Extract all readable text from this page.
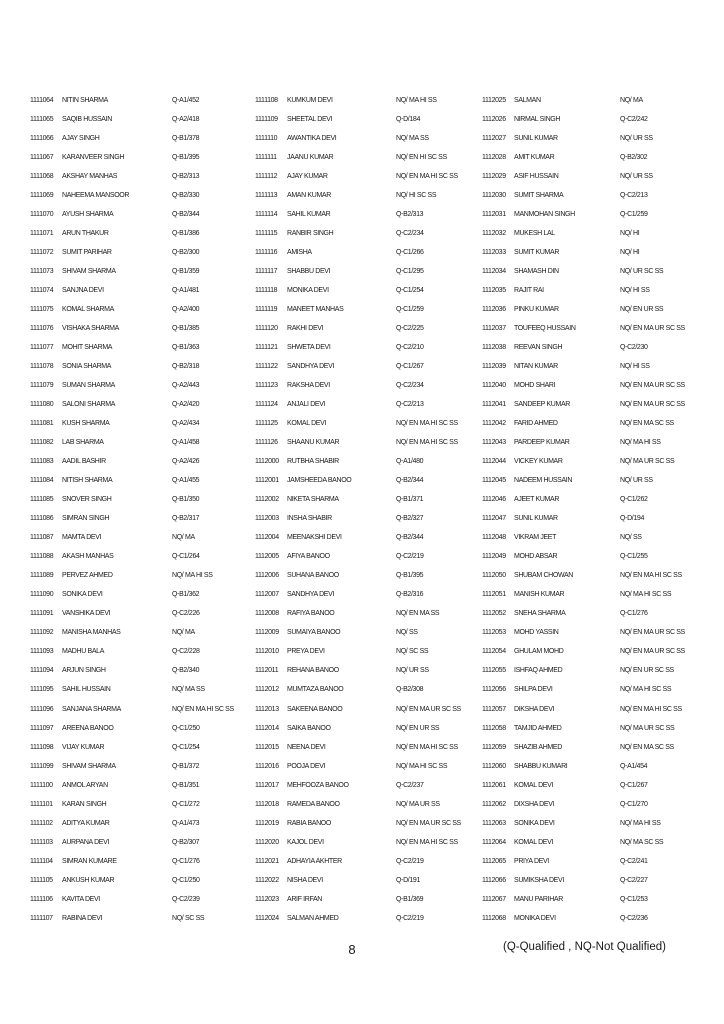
1111064	NITIN SHARMA	Q-A1/452
1111065	SAQIB HUSSAIN	Q-A2/418
1111066	AJAY SINGH	Q-B1/378
1111067	KARANVEER SINGH	Q-B1/395
1111068	AKSHAY MANHAS	Q-B2/313
1111069	NAHEEMA MANSOOR	Q-B2/330
1111070	AYUSH SHARMA	Q-B2/344
1111071	ARUN THAKUR	Q-B1/386
1111072	SUMIT PARIHAR	Q-B2/300
1111073	SHIVAM SHARMA	Q-B1/359
1111074	SANJNA DEVI	Q-A1/481
1111075	KOMAL SHARMA	Q-A2/400
1111076	VISHAKA SHARMA	Q-B1/385
1111077	MOHIT SHARMA	Q-B1/363
1111078	SONIA SHARMA	Q-B2/318
1111079	SUMAN SHARMA	Q-A2/443
1111080	SALONI SHARMA	Q-A2/420
1111081	KUSH SHARMA	Q-A2/434
1111082	LAB SHARMA	Q-A1/458
1111083	AADIL BASHIR	Q-A2/426
1111084	NITISH SHARMA	Q-A1/455
1111085	SNOVER SINGH	Q-B1/350
1111086	SIMRAN SINGH	Q-B2/317
1111087	MAMTA DEVI	NQ/ MA
1111088	AKASH MANHAS	Q-C1/264
1111089	PERVEZ AHMED	NQ/ MA HI SS
1111090	SONIKA DEVI	Q-B1/362
1111091	VANSHIKA DEVI	Q-C2/226
1111092	MANISHA MANHAS	NQ/ MA
1111093	MADHU BALA	Q-C2/228
1111094	ARJUN SINGH	Q-B2/340
1111095	SAHIL HUSSAIN	NQ/ MA SS
1111096	SANJANA SHARMA	NQ/ EN MA HI SC SS
1111097	AREENA BANOO	Q-C1/250
1111098	VIJAY KUMAR	Q-C1/254
1111099	SHIVAM SHARMA	Q-B1/372
1111100	ANMOL ARYAN	Q-B1/351
1111101	KARAN SINGH	Q-C1/272
1111102	ADITYA KUMAR	Q-A1/473
1111103	AURPANA DEVI	Q-B2/307
1111104	SIMRAN KUMARE	Q-C1/276
1111105	ANKUSH KUMAR	Q-C1/250
1111106	KAVITA DEVI	Q-C2/239
1111107	RABINA DEVI	NQ/ SC SS
1111108	KUMKUM DEVI	NQ/ MA HI SS
1111109	SHEETAL DEVI	Q-D/184
1111110	AWANTIKA DEVI	NQ/ MA SS
1111111	JAANU KUMAR	NQ/ EN HI SC SS
1111112	AJAY KUMAR	NQ/ EN MA HI SC SS
1111113	AMAN KUMAR	NQ/ HI SC SS
1111114	SAHIL KUMAR	Q-B2/313
1111115	RANBIR SINGH	Q-C2/234
1111116	AMISHA	Q-C1/266
1111117	SHABBU DEVI	Q-C1/295
1111118	MONIKA DEVI	Q-C1/254
1111119	MANEET MANHAS	Q-C1/259
1111120	RAKHI DEVI	Q-C2/225
1111121	SHWETA DEVI	Q-C2/210
1111122	SANDHYA DEVI	Q-C1/267
1111123	RAKSHA DEVI	Q-C2/234
1111124	ANJALI DEVI	Q-C2/213
1111125	KOMAL DEVI	NQ/ EN MA HI SC SS
1111126	SHAANU KUMAR	NQ/ EN MA HI SC SS
1112000	RUTBHA SHABIR	Q-A1/480
1112001	JAMSHEEDA BANOO	Q-B2/344
1112002	NIKETA SHARMA	Q-B1/371
1112003	INSHA SHABIR	Q-B2/327
1112004	MEENAKSHI DEVI	Q-B2/344
1112005	AFIYA BANOO	Q-C2/219
1112006	SUHANA BANOO	Q-B1/395
1112007	SANDHYA DEVI	Q-B2/316
1112008	RAFIYA BANOO	NQ/ EN MA SS
1112009	SUMAIYA BANOO	NQ/ SS
1112010	PREYA DEVI	NQ/ SC SS
1112011	REHANA BANOO	NQ/ UR SS
1112012	MUMTAZA BANOO	Q-B2/308
1112013	SAKEENA BANOO	NQ/ EN MA UR SC SS
1112014	SAIKA BANOO	NQ/ EN UR SS
1112015	NEENA DEVI	NQ/ EN MA HI SC SS
1112016	POOJA DEVI	NQ/ MA HI SC SS
1112017	MEHFOOZA BANOO	Q-C2/237
1112018	RAMEDA BANOO	NQ/ MA UR SS
1112019	RABIA BANOO	NQ/ EN MA UR SC SS
1112020	KAJOL DEVI	NQ/ EN MA HI SC SS
1112021	ADHAYIA AKHTER	Q-C2/219
1112022	NISHA DEVI	Q-D/191
1112023	ARIF IRFAN	Q-B1/369
1112024	SALMAN AHMED	Q-C2/219
1112025	SALMAN	NQ/ MA
1112026	NIRMAL SINGH	Q-C2/242
1112027	SUNIL KUMAR	NQ/ UR SS
1112028	AMIT KUMAR	Q-B2/302
1112029	ASIF HUSSAIN	NQ/ UR SS
1112030	SUMIT SHARMA	Q-C2/213
1112031	MANMOHAN SINGH	Q-C1/259
1112032	MUKESH LAL	NQ/ HI
1112033	SUMIT KUMAR	NQ/ HI
1112034	SHAMASH DIN	NQ/ UR SC SS
1112035	RAJIT RAI	NQ/ HI SS
1112036	PINKU KUMAR	NQ/ EN UR SS
1112037	TOUFEEQ HUSSAIN	NQ/ EN MA UR SC SS
1112038	REEVAN SINGH	Q-C2/230
1112039	NITAN KUMAR	NQ/ HI SS
1112040	MOHD SHARI	NQ/ EN MA UR SC SS
1112041	SANDEEP KUMAR	NQ/ EN MA UR SC SS
1112042	FARID AHMED	NQ/ EN MA SC SS
1112043	PARDEEP KUMAR	NQ/ MA HI SS
1112044	VICKEY KUMAR	NQ/ MA UR SC SS
1112045	NADEEM HUSSAIN	NQ/ UR SS
1112046	AJEET KUMAR	Q-C1/262
1112047	SUNIL KUMAR	Q-D/194
1112048	VIKRAM JEET	NQ/ SS
1112049	MOHD ABSAR	Q-C1/255
1112050	SHUBAM CHOWAN	NQ/ EN MA HI SC SS
1112051	MANISH KUMAR	NQ/ MA HI SC SS
1112052	SNEHA SHARMA	Q-C1/276
1112053	MOHD YASSIN	NQ/ EN MA UR SC SS
1112054	GHULAM MOHD	NQ/ EN MA UR SC SS
1112055	ISHFAQ AHMED	NQ/ EN UR SC SS
1112056	SHILPA DEVI	NQ/ MA HI SC SS
1112057	DIKSHA DEVI	NQ/ EN MA HI SC SS
1112058	TAMJID AHMED	NQ/ MA UR SC SS
1112059	SHAZIB AHMED	NQ/ EN MA SC SS
1112060	SHABBU KUMARI	Q-A1/454
1112061	KOMAL DEVI	Q-C1/267
1112062	DIXSHA DEVI	Q-C1/270
1112063	SONIKA DEVI	NQ/ MA HI SS
1112064	KOMAL DEVI	NQ/ MA SC SS
1112065	PRIYA DEVI	Q-C2/241
1112066	SUMIKSHA DEVI	Q-C2/227
1112067	MANU PARIHAR	Q-C1/253
1112068	MONIKA DEVI	Q-C2/236
8	(Q-Qualified , NQ-Not Qualified)
